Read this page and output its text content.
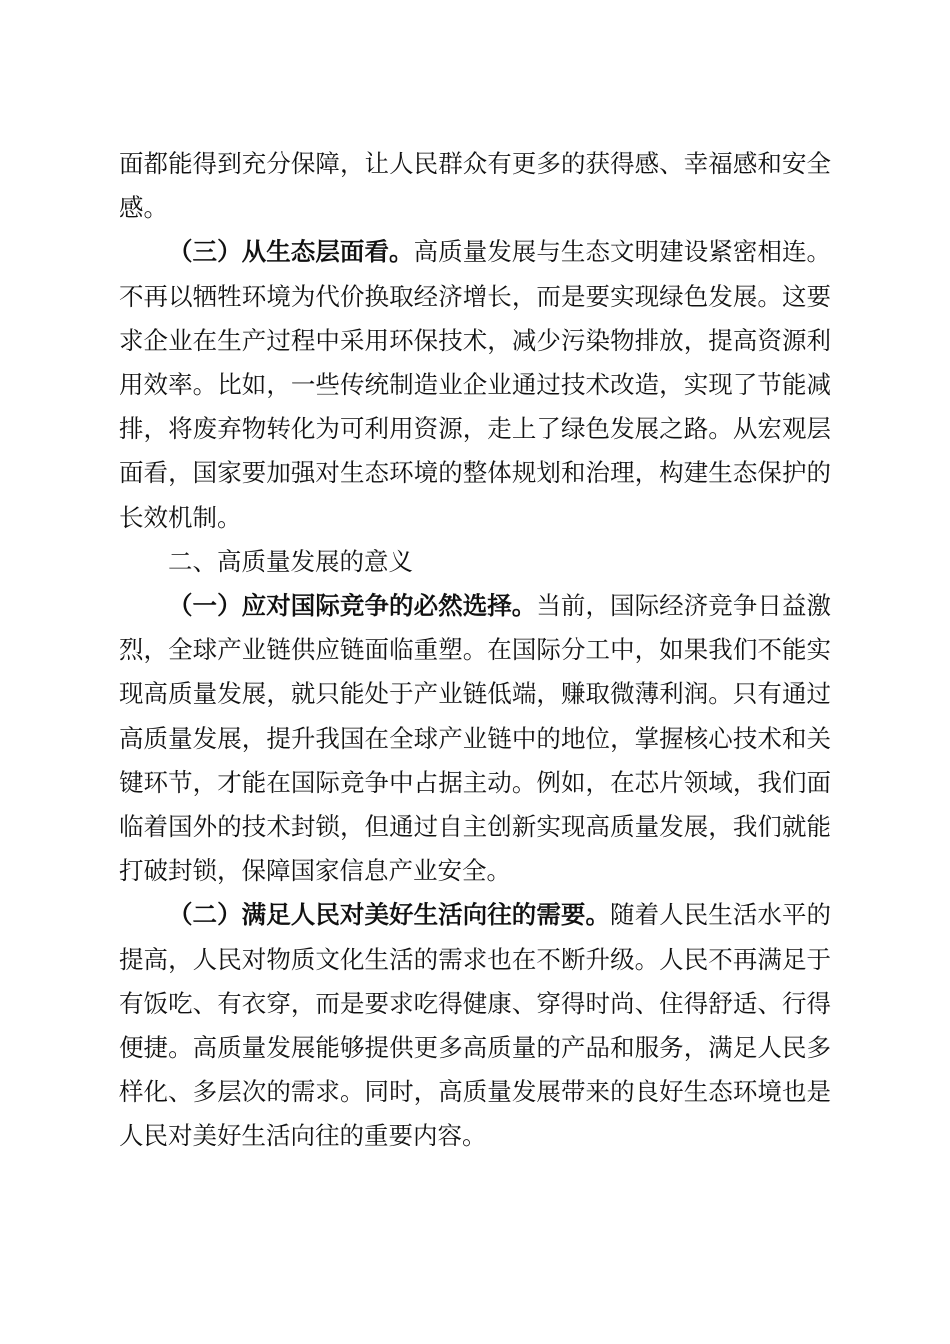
面都能得到充分保障，让人民群众有更多的获得感、幸福感和安全感。

（三）从生态层面看。高质量发展与生态文明建设紧密相连。不再以牺牲环境为代价换取经济增长，而是要实现绿色发展。这要求企业在生产过程中采用环保技术，减少污染物排放，提高资源利用效率。比如，一些传统制造业企业通过技术改造，实现了节能减排，将废弃物转化为可利用资源，走上了绿色发展之路。从宏观层面看，国家要加强对生态环境的整体规划和治理，构建生态保护的长效机制。

二、高质量发展的意义

（一）应对国际竞争的必然选择。当前，国际经济竞争日益激烈，全球产业链供应链面临重塑。在国际分工中，如果我们不能实现高质量发展，就只能处于产业链低端，赚取微薄利润。只有通过高质量发展，提升我国在全球产业链中的地位，掌握核心技术和关键环节，才能在国际竞争中占据主动。例如，在芯片领域，我们面临着国外的技术封锁，但通过自主创新实现高质量发展，我们就能打破封锁，保障国家信息产业安全。

（二）满足人民对美好生活向往的需要。随着人民生活水平的提高，人民对物质文化生活的需求也在不断升级。人民不再满足于有饭吃、有衣穿，而是要求吃得健康、穿得时尚、住得舒适、行得便捷。高质量发展能够提供更多高质量的产品和服务，满足人民多样化、多层次的需求。同时，高质量发展带来的良好生态环境也是人民对美好生活向往的重要内容。
